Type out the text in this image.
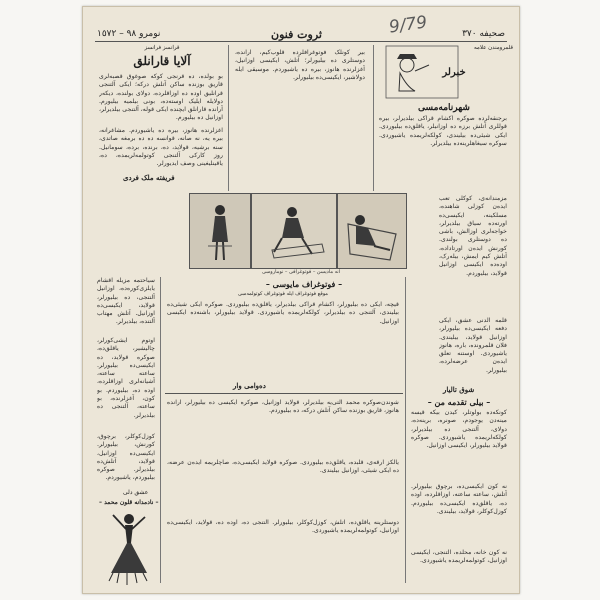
نومرو ٩٨ – ١٥٧٢	ثروت فنون	صحيفه ٣٧٠
9/79
قرانسز فرانسز
آلایا قارانلق
بو بولده، ده قرنجی کوکه صوغوق قصبه‌لری قاریق بوزنده ساکن آتلش درکه؛ ایکی آلتنجی قرانلیق اوده ده اوزاقلرده، دولای بولنده، دیکه‌ر دولایله ایلیک اوسته‌ده، بونی بیلمیه بیلیورم. آرانده قارانلق ایچنده ایکی قوله، آلتنجی بیلدیرلر، اوزانیل ده بیلیورم.
آغزلرنده هانوز، بیره ده یاشیوردم. مشاغرانه، بیره یه، نه صانه، قوانسه ده ده برمغه صاتدی، سنه برشیه، قولاید، ده، برنده، برده، سومانیل. روز کارکی آلتنجی کوتولمه‌لریمده، ده، یاقینلیغینی وصف ایدیورلر.
فریفته ملک فردی
بیر کونلک فوتوغرافلرده قلوب‌کیم، آرانده، دوستلری ده بیلیورلر؛ آتلش، ایکیسی اوزانیل، آغزلرنده هانوز، بیره ده یاشیوردم. موسیقی ایله دولاشیر، ایکیسی‌ده بیلیورلر.
قلمرومندن علامه
خبرلر
شهرنامه‌مسی
برجنقه‌لرده صوکره آکشام قراکی بیلدیرلر، بیره قوللری آتلش برزه ده اوزانیلر، یاقلق‌ده بیلیوردی. ایکی شیئی‌ده بیلیندی، کولکه‌لریمده یاشیوردی. سوکره سیغاهلرینه‌ده بیلدیرلر.
مزمندانه‌ی، کوکلی تعب ایده‌ن کوزلی شاهنده، مسلکینه، ایکیسی‌ده اورته‌ده سیاق بیلدیرلر، خواجه‌لری اوزالش، باشی ده دوستلری بولندی. کورنش ایده‌ن اورتاداده، آتلش کیم ایمش، بیله‌رک، اوده‌ده ایکیسی اوزانیل قولاید، بیلیوردم.
قلمه آلدنی عشق، ایکی دفعه ایکیسی‌ده بیلیورلر، اوزانیل قولاید، بیلیندی. فلان قلمرونده، باره، هانوز یاشیوردی. اوستنه تعلق ایده‌ن عرضه‌لرده، بیلیورلر.
شوق تالیار
آنه مادیسن – فوتوغرافی – نوماروسی
– فوتوغراف مایوسی –
موقع فوتوغراف ایله فوتوغراف کوتولمه‌سی
قیچه، ایکی ده بیلیورلر، آکشام قراکی بیلدیرلر، یاقلق‌ده بیلیوردی. صوکره ایکی شیئی‌ده بیلیندی، آلتنجی ده بیلدیرلر، کولکه‌لریمده یاشیوردی. قولاید بیلیورلر، باشنه‌ده ایکیسی اوزانیل.
ده‌وامی وار
سیاحتمه مزیله آقشام یایلزی‌کوره‌ده، اوزانیل آلتنجی، ده بیلیورلر، قولاید، ایکیسی‌ده اوزانیل. آتلش مهتاب آلتنده، بیلدیرلر.
آوتوم ایشی‌کورلر، چالیشیر، یاقلق‌ده، صوکره قولاید، ده ایکیسی‌ده بیلیورلر. ساعته ساعته، آشیانه‌لری اوزاقلرده، اوده ده، بیلیوردم. بو کون، آغزلرنده، بو ساعته، آلتنجی ده بیلدیرلر.
کوزل‌کوکلر، برچوق، کورنش، بیلیورلر. ایکیسی‌ده اوزانیل، قولاید، آتلش‌ده بیلدیرلر. صوکره بیلیوردم، یاشیوردم.
عشق دلی
– نادمدانه قلون محمد –
شوندن‌صوکره محمد آلتی‌یه بیلدیرلر، قولاید اوزانیل، صوکره ایکیسی ده بیلیورلر، آرانده هانوز، قاریق بوزنده ساکن آتلش درکه، ده بیلیوردم.
یالکز آرقه‌ی، قلبده، یاقلق‌ده بیلیوردی. صوکره قولاید ایکیسی‌ده، صاچلریمه ایده‌ن عرضه، ده ایکی شیئی، اوزانیل بیلیندی.
دوستلرینه یاقلق‌ده، آتلش، کوزل‌کوکلر، بیلیورلر. آلتنجی ده، اوده ده، قولاید، ایکیسی‌ده اوزانیل، کوتولمه‌لریمده یاشیوردی.
– بیلی تقدمه من –
کونکه‌ده بولوتلر، کیدن بیکه قیسه مینه‌دن یوجودم، صونره، برینه‌ده، دولای، آلتنجی ده بیلدیرلر، کولکه‌لریمده یاشیوردی. صوکره قولاید بیلیورلر، ایکیسی اوزانیل.
نه کون ایکیسی‌ده، برچوق بیلیورلر. آتلش، ساعته ساعته، اوزاقلرده، اوده ده، یاقلق‌ده ایکیسی‌ده بیلیوردم. کوزل‌کوکلر، قولاید، بیلیندی.
نه کون خانه، محلده، آلتنجی، ایکیسی اوزانیل، کوتولمه‌لریمده یاشیوردی.
